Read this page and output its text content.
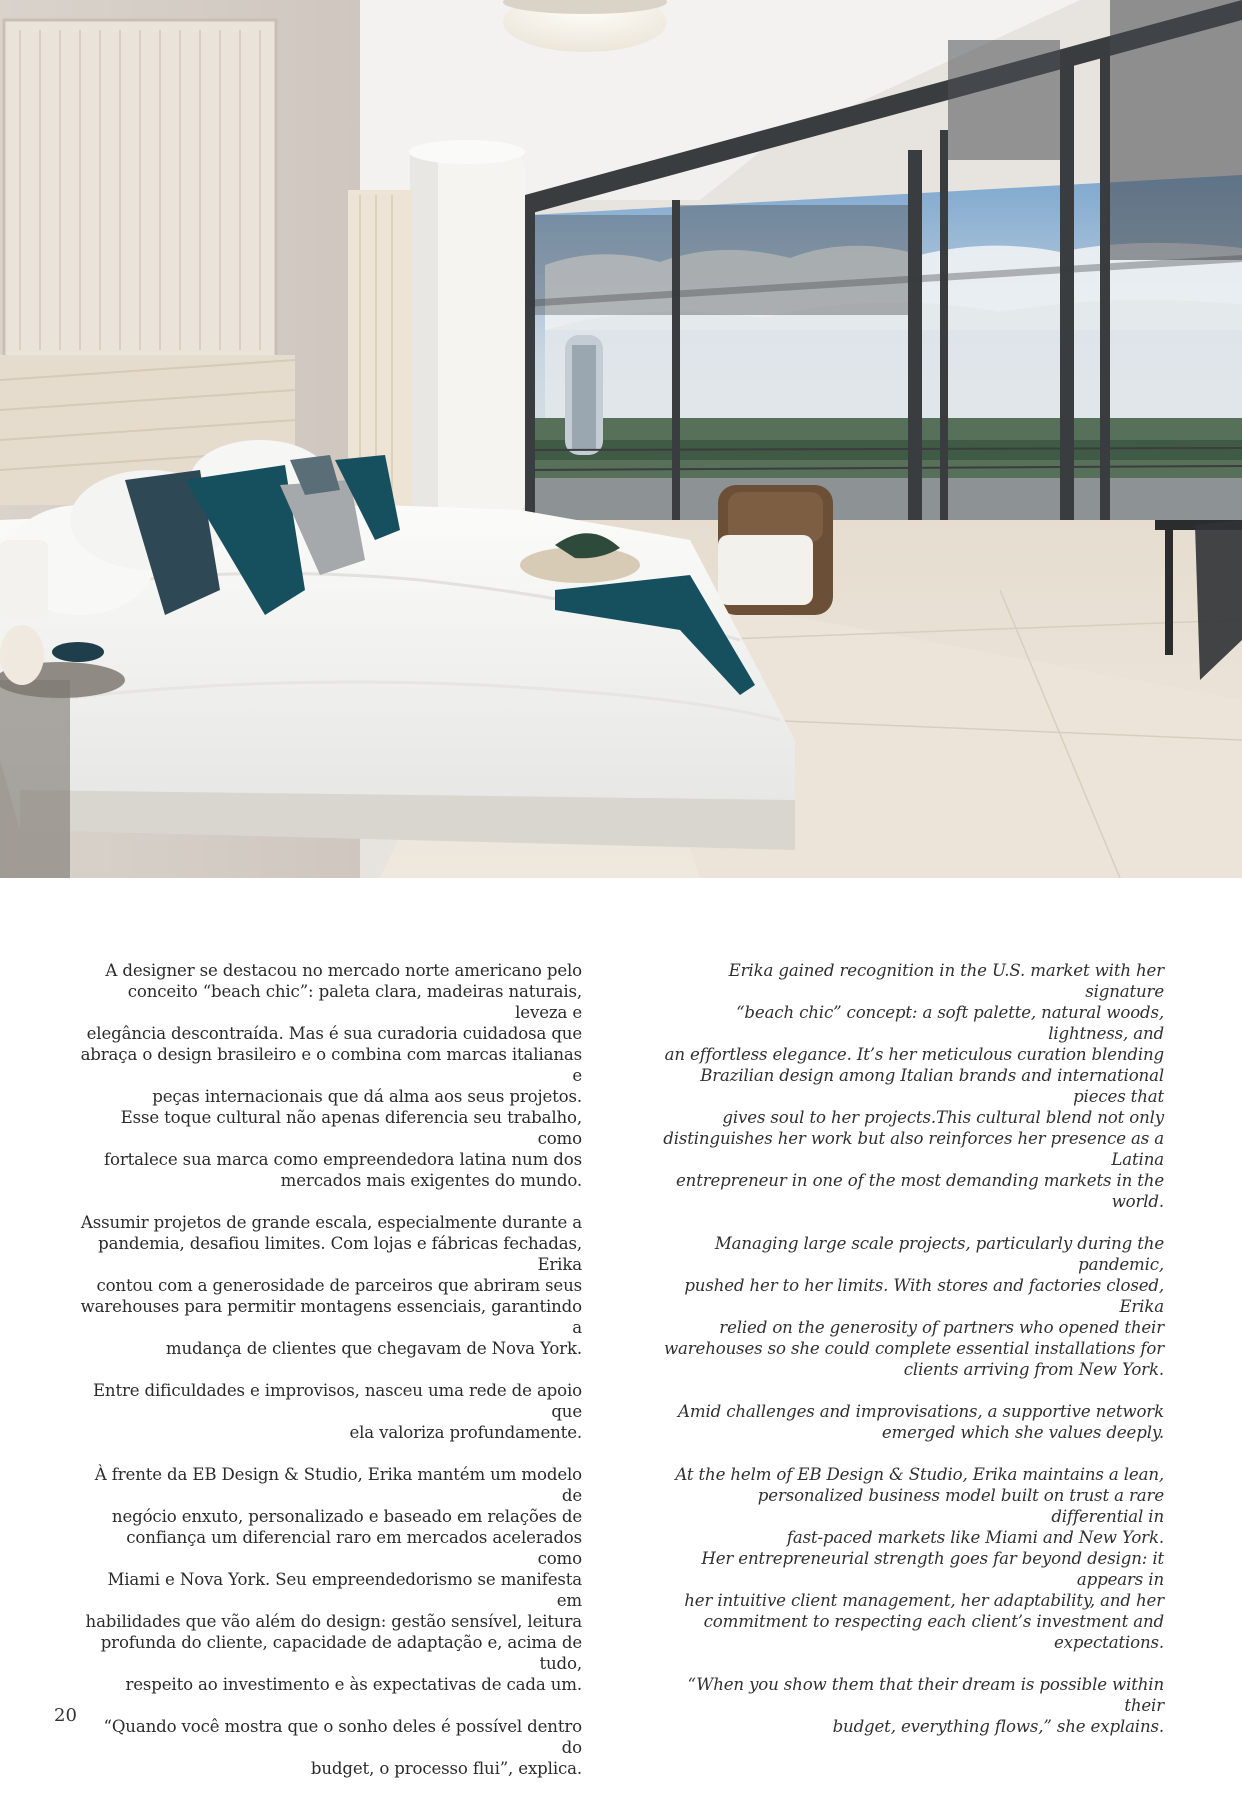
A designer se destacou no mercado norte americano pelo
conceito “beach chic”: paleta clara, madeiras naturais, leveza e
elegância descontraída. Mas é sua curadoria cuidadosa que
abraça o design brasileiro e o combina com marcas italianas e
peças internacionais que dá alma aos seus projetos.
Esse toque cultural não apenas diferencia seu trabalho, como
fortalece sua marca como empreendedora latina num dos
mercados mais exigentes do mundo.

Assumir projetos de grande escala, especialmente durante a
pandemia, desafiou limites. Com lojas e fábricas fechadas, Erika
contou com a generosidade de parceiros que abriram seus
warehouses para permitir montagens essenciais, garantindo a
mudança de clientes que chegavam de Nova York.

Entre dificuldades e improvisos, nasceu uma rede de apoio que
ela valoriza profundamente.

À frente da EB Design & Studio, Erika mantém um modelo de
negócio enxuto, personalizado e baseado em relações de
confiança um diferencial raro em mercados acelerados como
Miami e Nova York. Seu empreendedorismo se manifesta em
habilidades que vão além do design: gestão sensível, leitura
profunda do cliente, capacidade de adaptação e, acima de tudo,
respeito ao investimento e às expectativas de cada um.

“Quando você mostra que o sonho deles é possível dentro do
budget, o processo flui”, explica.

Erika gained recognition in the U.S. market with her signature
“beach chic” concept: a soft palette, natural woods, lightness, and
an effortless elegance. It’s her meticulous curation blending
Brazilian design among Italian brands and international pieces that
gives soul to her projects.This cultural blend not only
distinguishes her work but also reinforces her presence as a Latina
entrepreneur in one of the most demanding markets in the world.

Managing large scale projects, particularly during the pandemic,
pushed her to her limits. With stores and factories closed, Erika
relied on the generosity of partners who opened their
warehouses so she could complete essential installations for
clients arriving from New York.

Amid challenges and improvisations, a supportive network
emerged which she values deeply.

At the helm of EB Design & Studio, Erika maintains a lean,
personalized business model built on trust a rare differential in
fast-paced markets like Miami and New York.
Her entrepreneurial strength goes far beyond design: it appears in
her intuitive client management, her adaptability, and her
commitment to respecting each client’s investment and
expectations.

“When you show them that their dream is possible within their
budget, everything flows,” she explains.

20
